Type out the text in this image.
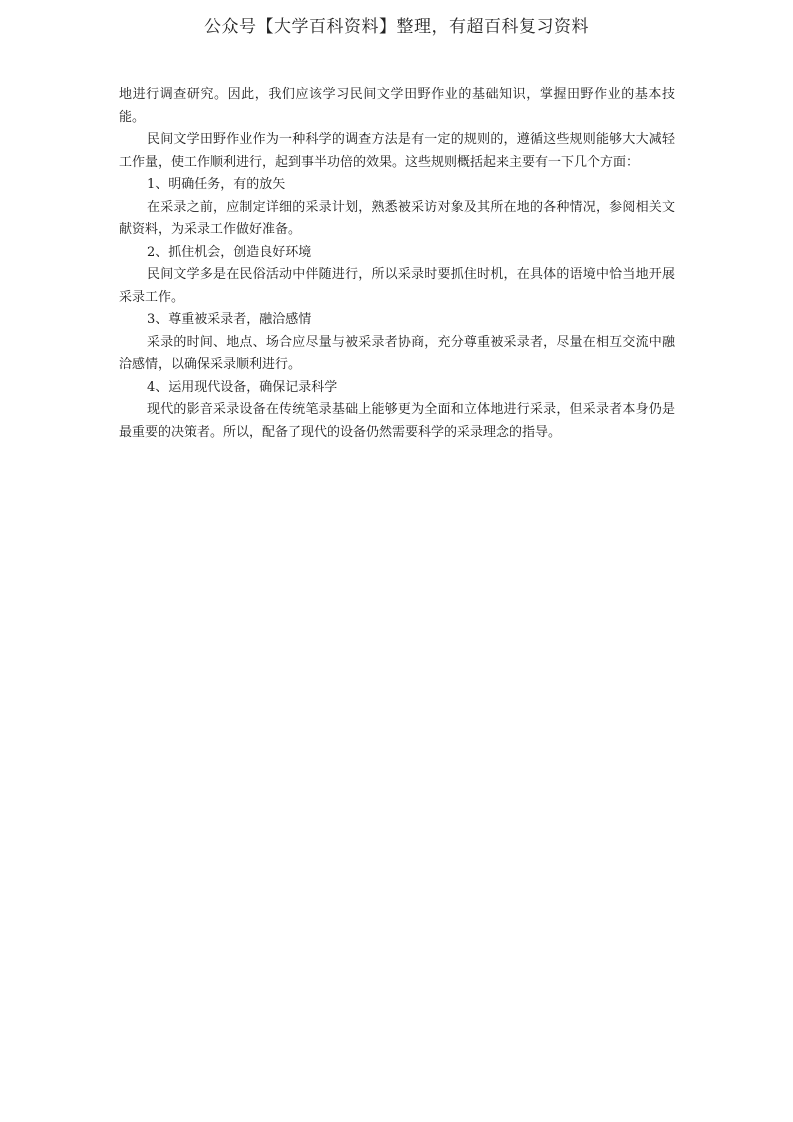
公众号【大学百科资料】整理，有超百科复习资料

地进行调查研究。因此，我们应该学习民间文学田野作业的基础知识，掌握田野作业的基本技能。

民间文学田野作业作为一种科学的调查方法是有一定的规则的，遵循这些规则能够大大减轻工作量，使工作顺利进行，起到事半功倍的效果。这些规则概括起来主要有一下几个方面：

1、明确任务，有的放矢

在采录之前，应制定详细的采录计划，熟悉被采访对象及其所在地的各种情况，参阅相关文献资料，为采录工作做好准备。

2、抓住机会，创造良好环境

民间文学多是在民俗活动中伴随进行，所以采录时要抓住时机，在具体的语境中恰当地开展采录工作。

3、尊重被采录者，融洽感情

采录的时间、地点、场合应尽量与被采录者协商，充分尊重被采录者，尽量在相互交流中融洽感情，以确保采录顺利进行。

4、运用现代设备，确保记录科学

现代的影音采录设备在传统笔录基础上能够更为全面和立体地进行采录，但采录者本身仍是最重要的决策者。所以，配备了现代的设备仍然需要科学的采录理念的指导。
